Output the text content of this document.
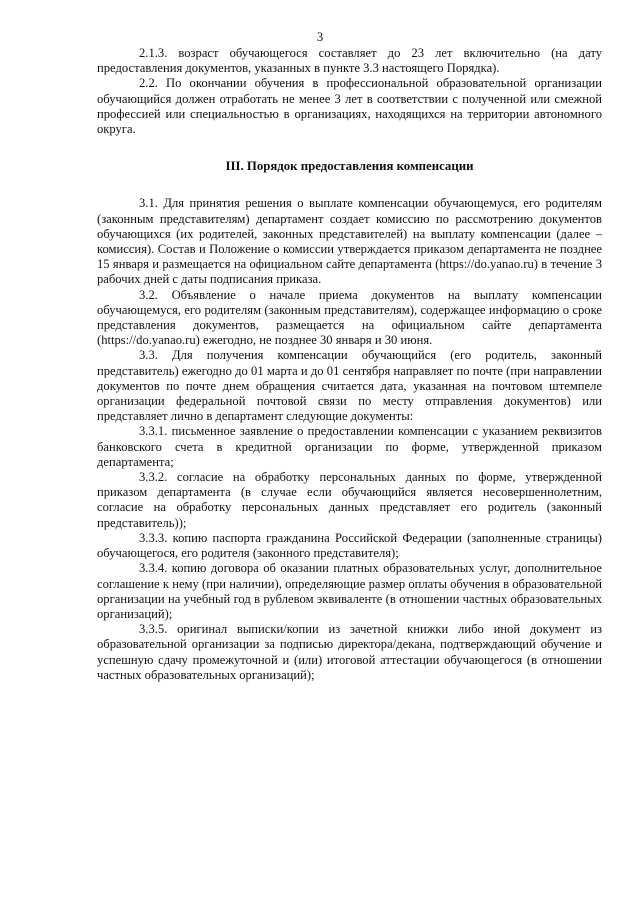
3

2.1.3. возраст обучающегося составляет до 23 лет включительно (на дату предоставления документов, указанных в пункте 3.3 настоящего Порядка).

2.2. По окончании обучения в профессиональной образовательной организации обучающийся должен отработать не менее 3 лет в соответствии с полученной или смежной профессией или специальностью в организациях, находящихся на территории автономного округа.

III. Порядок предоставления компенсации

3.1. Для принятия решения о выплате компенсации обучающемуся, его родителям (законным представителям) департамент создает комиссию по рассмотрению документов обучающихся (их родителей, законных представителей) на выплату компенсации (далее – комиссия). Состав и Положение о комиссии утверждается приказом департамента не позднее 15 января и размещается на официальном сайте департамента (https://do.yanao.ru) в течение 3 рабочих дней с даты подписания приказа.

3.2. Объявление о начале приема документов на выплату компенсации обучающемуся, его родителям (законным представителям), содержащее информацию о сроке представления документов, размещается на официальном сайте департамента (https://do.yanao.ru) ежегодно, не позднее 30 января и 30 июня.

3.3. Для получения компенсации обучающийся (его родитель, законный представитель) ежегодно до 01 марта и до 01 сентября направляет по почте (при направлении документов по почте днем обращения считается дата, указанная на почтовом штемпеле организации федеральной почтовой связи по месту отправления документов) или представляет лично в департамент следующие документы:

3.3.1. письменное заявление о предоставлении компенсации с указанием реквизитов банковского счета в кредитной организации по форме, утвержденной приказом департамента;

3.3.2. согласие на обработку персональных данных по форме, утвержденной приказом департамента (в случае если обучающийся является несовершеннолетним, согласие на обработку персональных данных представляет его родитель (законный представитель));

3.3.3. копию паспорта гражданина Российской Федерации (заполненные страницы) обучающегося, его родителя (законного представителя);

3.3.4. копию договора об оказании платных образовательных услуг, дополнительное соглашение к нему (при наличии), определяющие размер оплаты обучения в образовательной организации на учебный год в рублевом эквиваленте (в отношении частных образовательных организаций);

3.3.5. оригинал выписки/копии из зачетной книжки либо иной документ из образовательной организации за подписью директора/декана, подтверждающий обучение и успешную сдачу промежуточной и (или) итоговой аттестации обучающегося (в отношении частных образовательных организаций);
